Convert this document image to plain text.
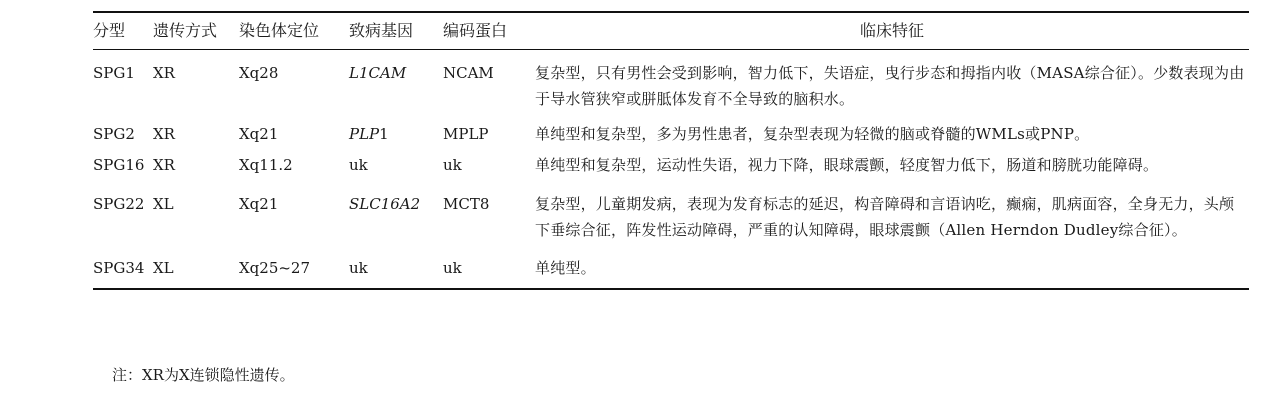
分型	遗传方式	染色体定位	致病基因	编码蛋白	临床特征

SPG1	XR	Xq28	L1CAM	NCAM	复杂型，只有男性会受到影响，智力低下，失语症，曳行步态和拇指内收（MASA综合征）。少数表现为由于导水管狭窄或胼胝体发育不全导致的脑积水。
SPG2	XR	Xq21	PLP1	MPLP	单纯型和复杂型，多为男性患者，复杂型表现为轻微的脑或脊髓的WMLs或PNP。
SPG16	XR	Xq11.2	uk	uk	单纯型和复杂型，运动性失语，视力下降，眼球震颤，轻度智力低下，肠道和膀胱功能障碍。
SPG22	XL	Xq21	SLC16A2	MCT8	复杂型，儿童期发病，表现为发育标志的延迟，构音障碍和言语讷吃，癫痫，肌病面容，全身无力，头颅下垂综合征，阵发性运动障碍，严重的认知障碍，眼球震颤（Allen Herndon Dudley综合征）。
SPG34	XL	Xq25~27	uk	uk	单纯型。
注：XR为X连锁隐性遗传。
